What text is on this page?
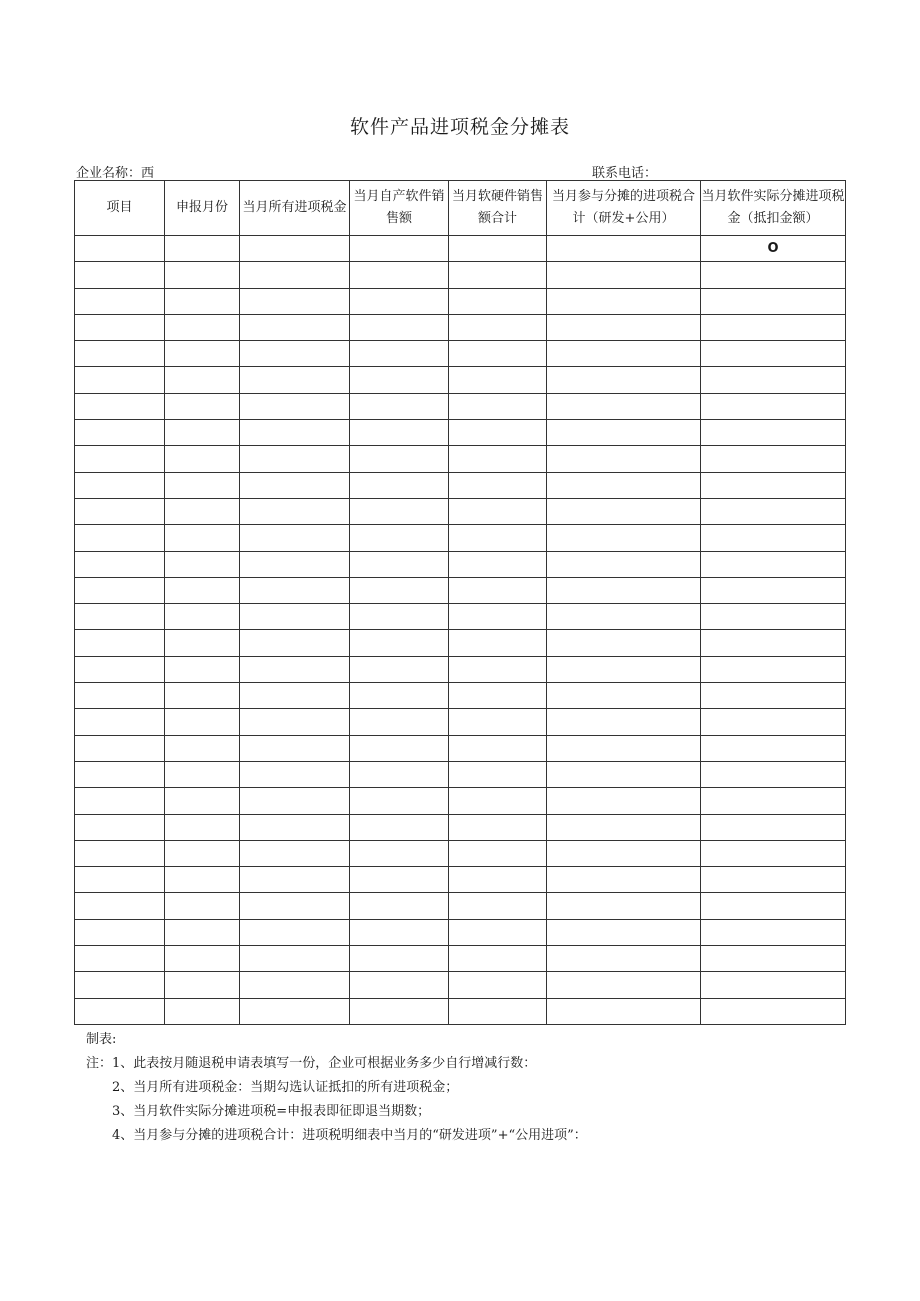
软件产品进项税金分摊表
企业名称：西	联系电话：
项目	申报月份	当月所有进项税金	当月自产软件销售额	当月软硬件销售额合计	当月参与分摊的进项税合计（研发+公用）	当月软件实际分摊进项税金（抵扣金额）
						O

制表:
注：1、此表按月随退税申请表填写一份，企业可根据业务多少自行增减行数：
2、当月所有进项税金：当期勾选认证抵扣的所有进项税金；
3、当月软件实际分摊进项税=申报表即征即退当期数；
4、当月参与分摊的进项税合计：进项税明细表中当月的“研发进项”+“公用进项”：
